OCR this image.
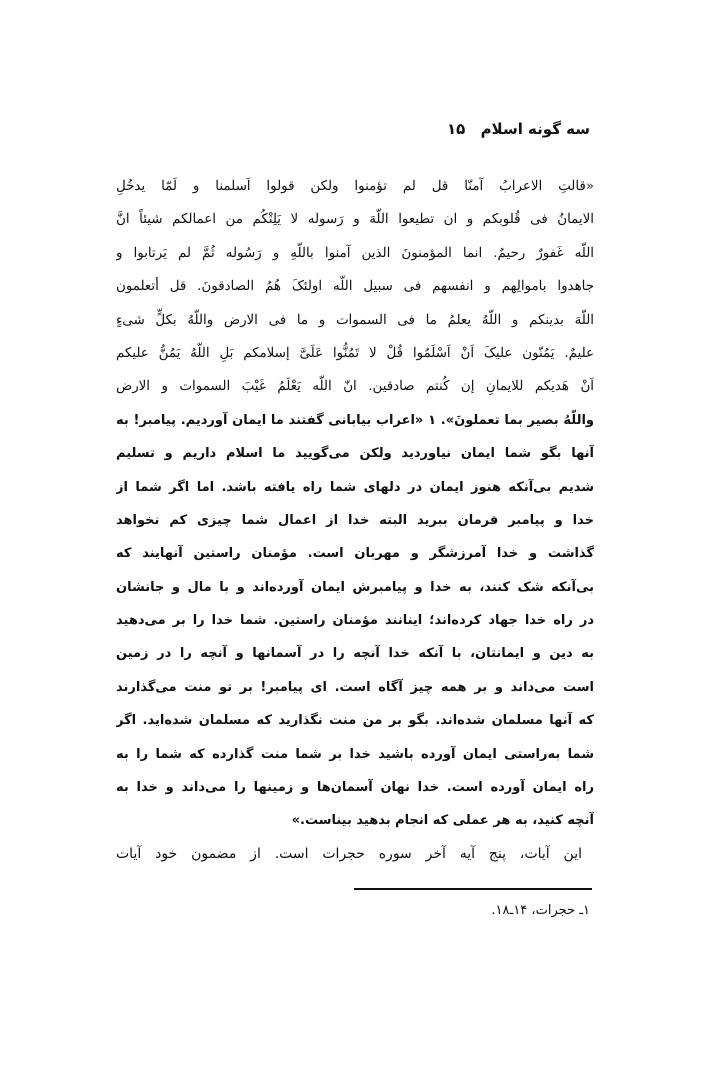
سه گونه اسلام ۱۵
«قالتِ الاعرابُ آمنّا قل لم تؤمنوا ولکن قولوا اَسلمنا و لَمّا یدخُلِ
الایمانُ فی قُلوبکم و ان تطیعوا اللّهَ و رَسوله لا یَلِتْکُم من اعمالکم شیئاً انَّ
اللّه غَفورٌ رحیمٌ. انما المؤمنونَ الذین آمنوا باللّهِ و رَسُوله ثُمَّ لم یَرتابوا و
جاهدوا باموالِهم و انفسهم فی سبیل اللّه اولئکَ هُمُ الصادقونَ. قل أتعلمون
اللّهَ بدینکم و اللّهُ یعلمُ ما فی السموات و ما فی الارض واللّهُ بکلٍّ شیءٍ
علیمٌ. یَمُنّون علیکَ اَنْ اَسْلَمُوا قُلْ لا تَمُنُّوا عَلَیَّ إسلامکم بَلِ اللّهُ یَمُنُّ علیکم
اَنْ هَدیکم للایمانِ إن کُنتم صادقین. انّ اللّه یَعْلَمُ غَیْبَ السموات و الارض
واللّهُ بصیر بما تعملونَ». ۱ «اعراب بیابانی گفتند ما ایمان آوردیم. پیامبر! به
آنها بگو شما ایمان نیاوردید ولکن می‌گویید ما اسلام داریم و تسلیم
شدیم بی‌آنکه هنوز ایمان در دلهای شما راه یافته باشد. اما اگر شما از
خدا و پیامبر فرمان ببرید البته خدا از اعمال شما چیزی کم نخواهد
گذاشت و خدا آمرزشگر و مهربان است. مؤمنان راستین آنهایند که
بی‌آنکه شک کنند، به خدا و پیامبرش ایمان آورده‌اند و با مال و جانشان
در راه خدا جهاد کرده‌اند؛ اینانند مؤمنان راستین. شما خدا را بر می‌دهید
به دین و ایمانتان، با آنکه خدا آنچه را در آسمانها و آنچه را در زمین
است می‌داند و بر همه چیز آگاه است. ای پیامبر! بر تو منت می‌گذارند
که آنها مسلمان شده‌اند. بگو بر من منت نگذارید که مسلمان شده‌اید. اگر
شما به‌راستی ایمان آورده باشید خدا بر شما منت گذارده که شما را به
راه ایمان آورده است. خدا نهان آسمان‌ها و زمینها را می‌داند و خدا به
آنچه کنید، به هر عملی که انجام بدهید بیناست.»
این آیات، پنج آیه آخر سوره حجرات است. از مضمون خود آیات
۱ـ حجرات، ۱۴ـ۱۸.
